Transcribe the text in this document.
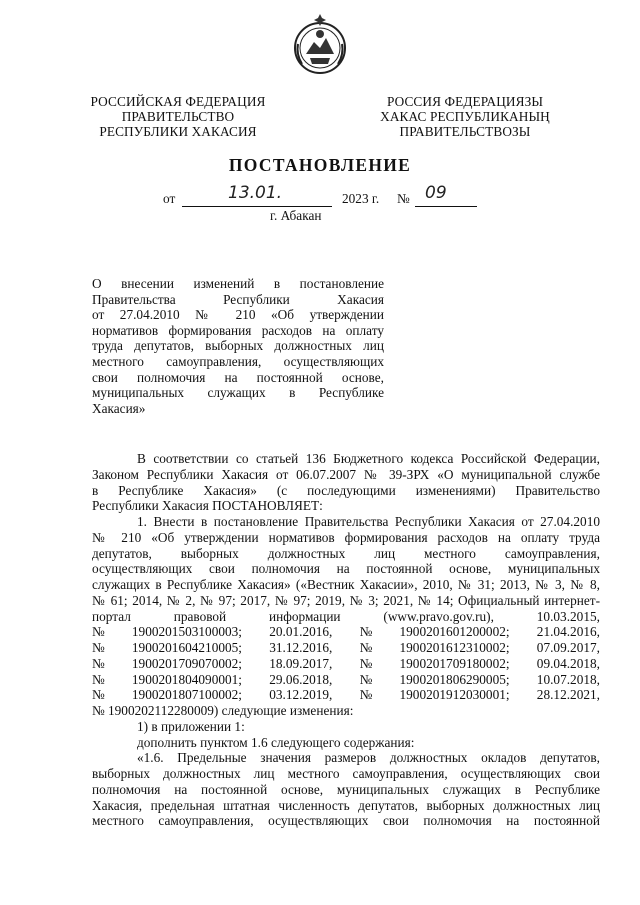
РОССИЙСКАЯ ФЕДЕРАЦИЯ
ПРАВИТЕЛЬСТВО
РЕСПУБЛИКИ ХАКАСИЯ
РОССИЯ ФЕДЕРАЦИЯЗЫ
ХАКАС РЕСПУБЛИКАНЫҢ
ПРАВИТЕЛЬСТВОЗЫ
ПОСТАНОВЛЕНИЕ
от	13.01.	2023 г. № 09
г. Абакан
О внесении изменений в постановление
Правительства Республики Хакасия
от 27.04.2010 № 210 «Об утверждении
нормативов формирования расходов на оплату
труда депутатов, выборных должностных лиц
местного самоуправления, осуществляющих
свои полномочия на постоянной основе,
муниципальных служащих в Республике
Хакасия»
В соответствии со статьей 136 Бюджетного кодекса Российской Федерации,
Законом Республики Хакасия от 06.07.2007 № 39-ЗРХ «О муниципальной службе
в Республике Хакасия» (с последующими изменениями) Правительство
Республики Хакасия ПОСТАНОВЛЯЕТ:
1. Внести в постановление Правительства Республики Хакасия от 27.04.2010
№ 210 «Об утверждении нормативов формирования расходов на оплату труда
депутатов, выборных должностных лиц местного самоуправления,
осуществляющих свои полномочия на постоянной основе, муниципальных
служащих в Республике Хакасия» («Вестник Хакасии», 2010, № 31; 2013, № 3, № 8,
№ 61; 2014, № 2, № 97; 2017, № 97; 2019, № 3; 2021, № 14; Официальный интернет-
портал	правовой	информации	(www.pravo.gov.ru),	10.03.2015,
№ 1900201503100003; 20.01.2016, № 1900201601200002; 21.04.2016,
№ 1900201604210005; 31.12.2016, № 1900201612310002; 07.09.2017,
№ 1900201709070002; 18.09.2017, № 1900201709180002; 09.04.2018,
№ 1900201804090001; 29.06.2018, № 1900201806290005; 10.07.2018,
№ 1900201807100002; 03.12.2019, № 1900201912030001; 28.12.2021,
№ 1900202112280009) следующие изменения:
1) в приложении 1:
дополнить пунктом 1.6 следующего содержания:
«1.6. Предельные значения размеров должностных окладов депутатов,
выборных должностных лиц местного самоуправления, осуществляющих свои
полномочия на постоянной основе, муниципальных служащих в Республике
Хакасия, предельная штатная численность депутатов, выборных должностных лиц
местного самоуправления, осуществляющих свои полномочия на постоянной
